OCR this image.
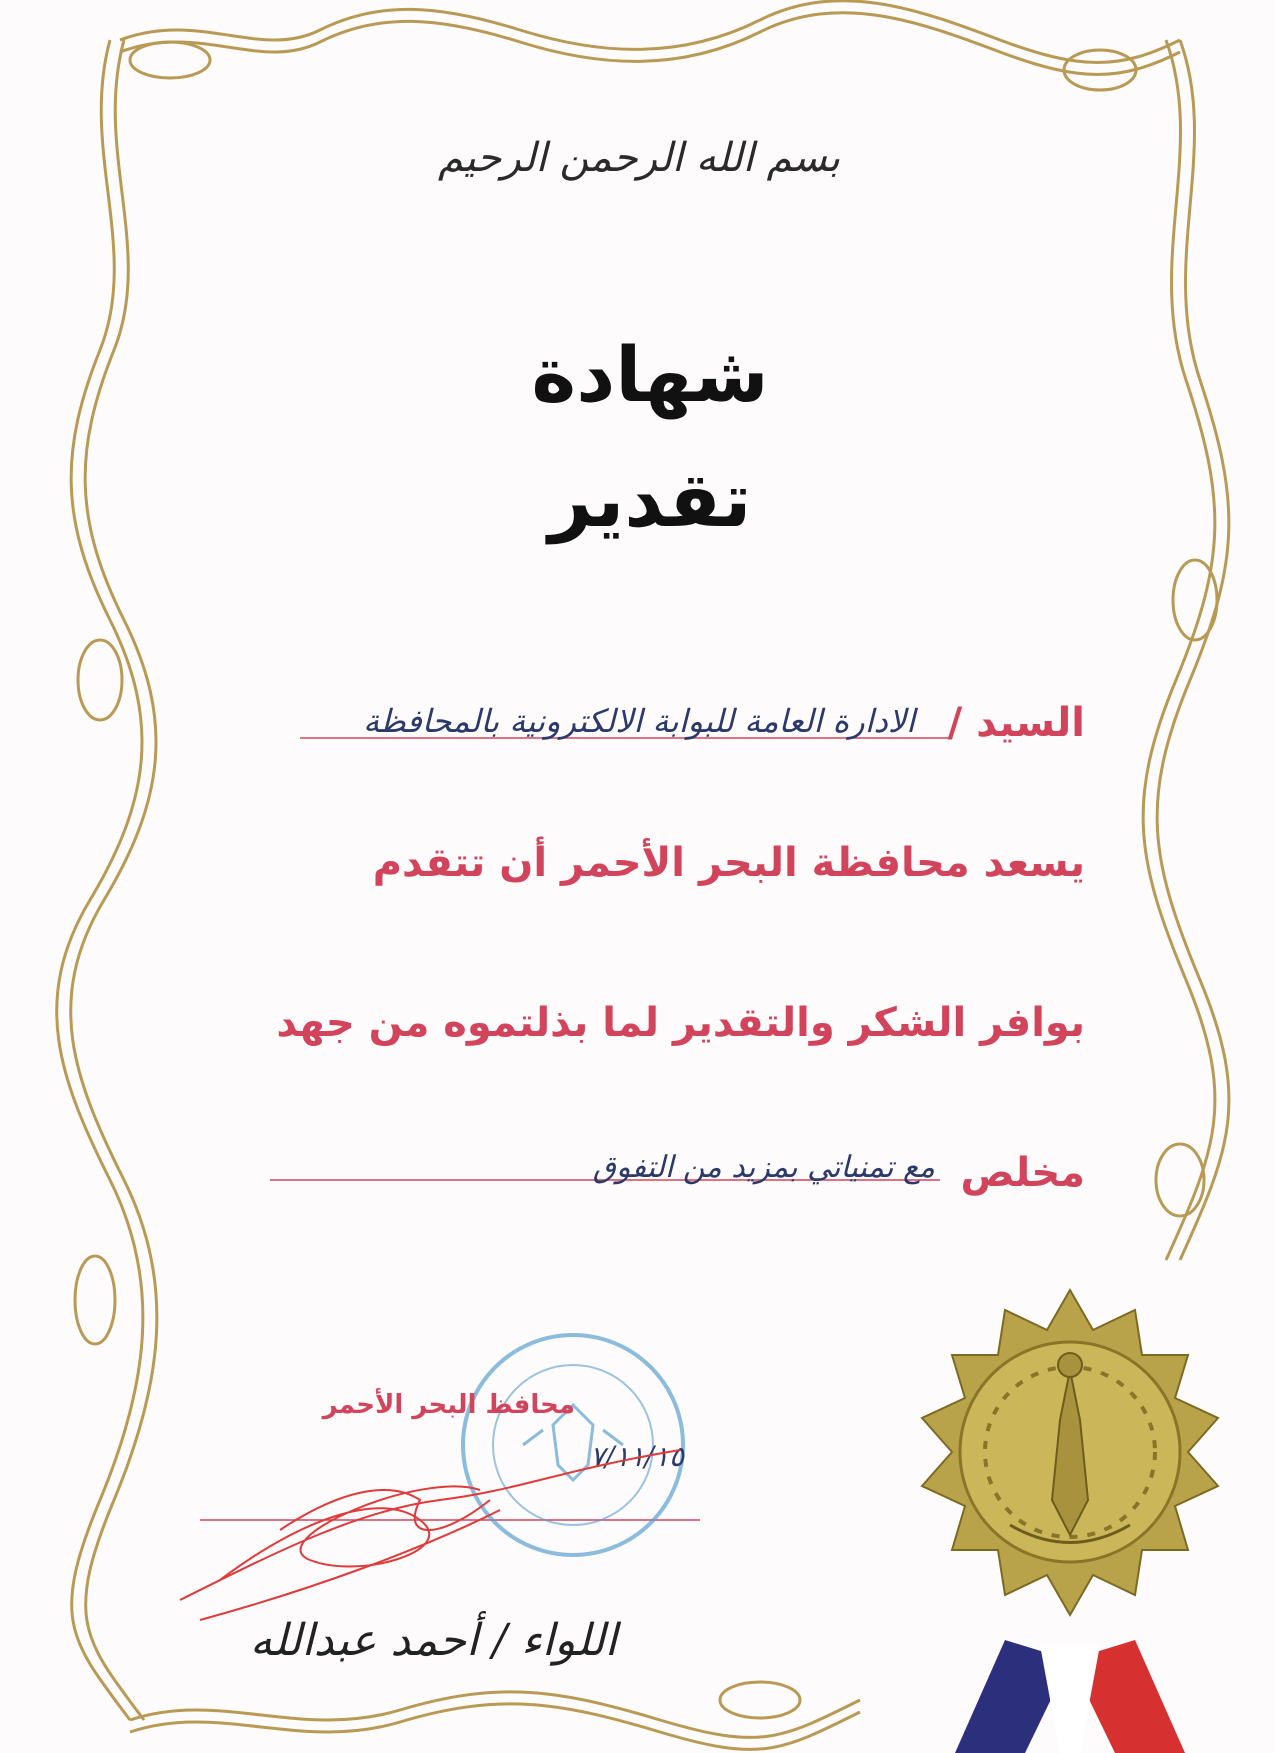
بسم الله الرحمن الرحيم
شهادة
تقدير
السيد /
الادارة العامة للبوابة الالكترونية بالمحافظة
يسعد محافظة البحر الأحمر أن تتقدم
بوافر الشكر والتقدير لما بذلتموه من جهد
مخلص
مع تمنياتي بمزيد من التفوق
محافظ البحر الأحمر
٧/١١/١٥
اللواء / أحمد عبدالله
